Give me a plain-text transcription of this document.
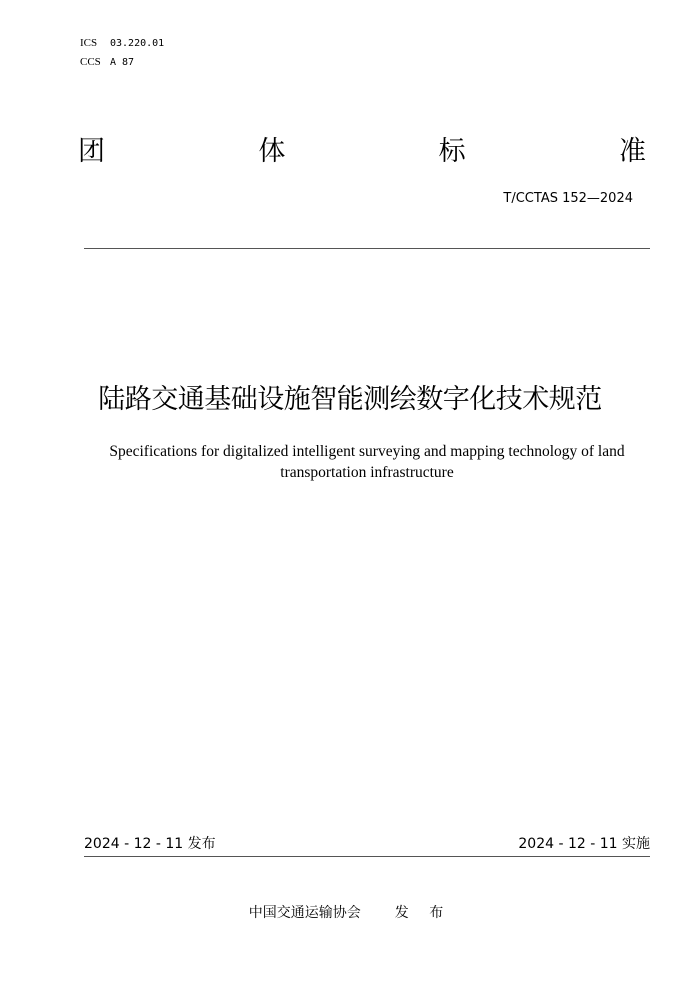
ICS 03.220.01
CCS A 87
团	体	标	准
T/CCTAS 152—2024
陆路交通基础设施智能测绘数字化技术规范
Specifications for digitalized intelligent surveying and mapping technology of land
transportation infrastructure
2024 - 12 - 11 发布	2024 - 12 - 11 实施
中国交通运输协会 发 布
